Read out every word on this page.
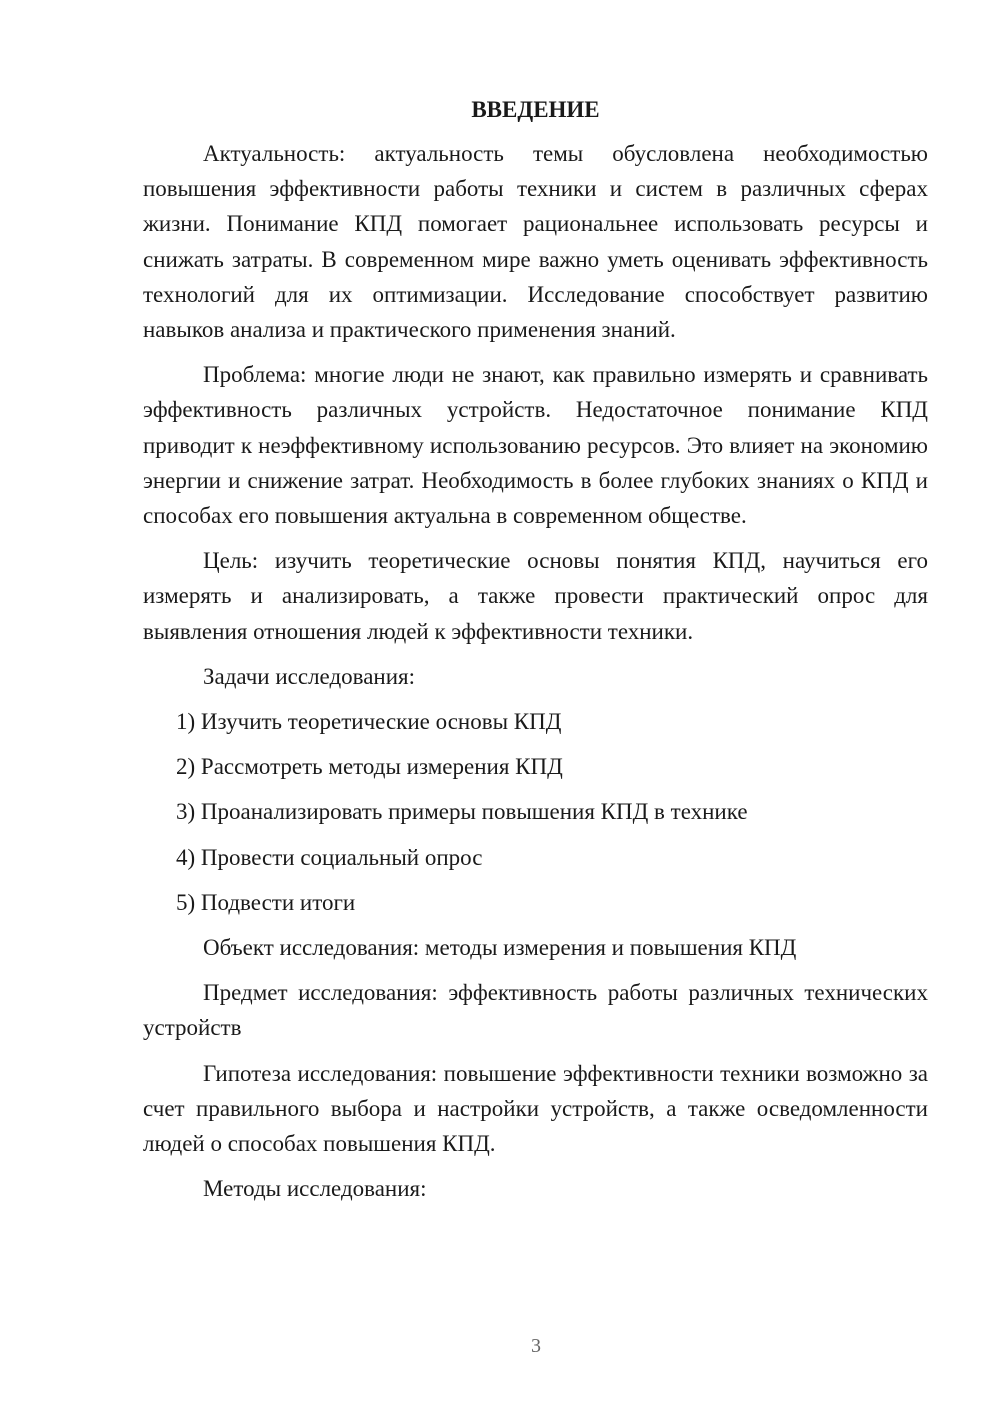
ВВЕДЕНИЕ

Актуальность: актуальность темы обусловлена необходимостью повышения эффективности работы техники и систем в различных сферах жизни. Понимание КПД помогает рациональнее использовать ресурсы и снижать затраты. В современном мире важно уметь оценивать эффективность технологий для их оптимизации. Исследование способствует развитию навыков анализа и практического применения знаний.

Проблема: многие люди не знают, как правильно измерять и сравнивать эффективность различных устройств. Недостаточное понимание КПД приводит к неэффективному использованию ресурсов. Это влияет на экономию энергии и снижение затрат. Необходимость в более глубоких знаниях о КПД и способах его повышения актуальна в современном обществе.

Цель: изучить теоретические основы понятия КПД, научиться его измерять и анализировать, а также провести практический опрос для выявления отношения людей к эффективности техники.

Задачи исследования:

1) Изучить теоретические основы КПД
2) Рассмотреть методы измерения КПД
3) Проанализировать примеры повышения КПД в технике
4) Провести социальный опрос
5) Подвести итоги

Объект исследования: методы измерения и повышения КПД

Предмет исследования: эффективность работы различных технических устройств

Гипотеза исследования: повышение эффективности техники возможно за счет правильного выбора и настройки устройств, а также осведомленности людей о способах повышения КПД.

Методы исследования:

3
